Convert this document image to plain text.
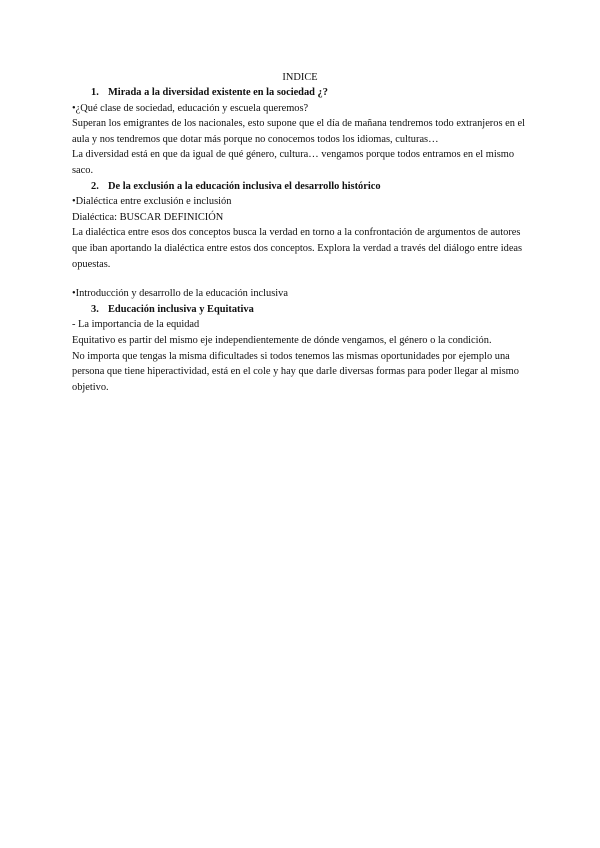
INDICE

1. Mirada a la diversidad existente en la sociedad ¿?

•¿Qué clase de sociedad, educación y escuela queremos?

Superan los emigrantes de los nacionales, esto supone que el día de mañana tendremos todo extranjeros en el aula y nos tendremos que dotar más porque no conocemos todos los idiomas, culturas…

La diversidad está en que da igual de qué género, cultura… vengamos porque todos entramos en el mismo saco.

2. De la exclusión a la educación inclusiva el desarrollo histórico

•Dialéctica entre exclusión e inclusión

Dialéctica: BUSCAR DEFINICIÓN

La dialéctica entre esos dos conceptos busca la verdad en torno a la confrontación de argumentos de autores que iban aportando la dialéctica entre estos dos conceptos. Explora la verdad a través del diálogo entre ideas opuestas.

•Introducción y desarrollo de la educación inclusiva

3. Educación inclusiva y Equitativa

- La importancia de la equidad

Equitativo es partir del mismo eje independientemente de dónde vengamos, el género o la condición.

No importa que tengas la misma dificultades si todos tenemos las mismas oportunidades por ejemplo una persona que tiene hiperactividad, está en el cole y hay que darle diversas formas para poder llegar al mismo objetivo.
